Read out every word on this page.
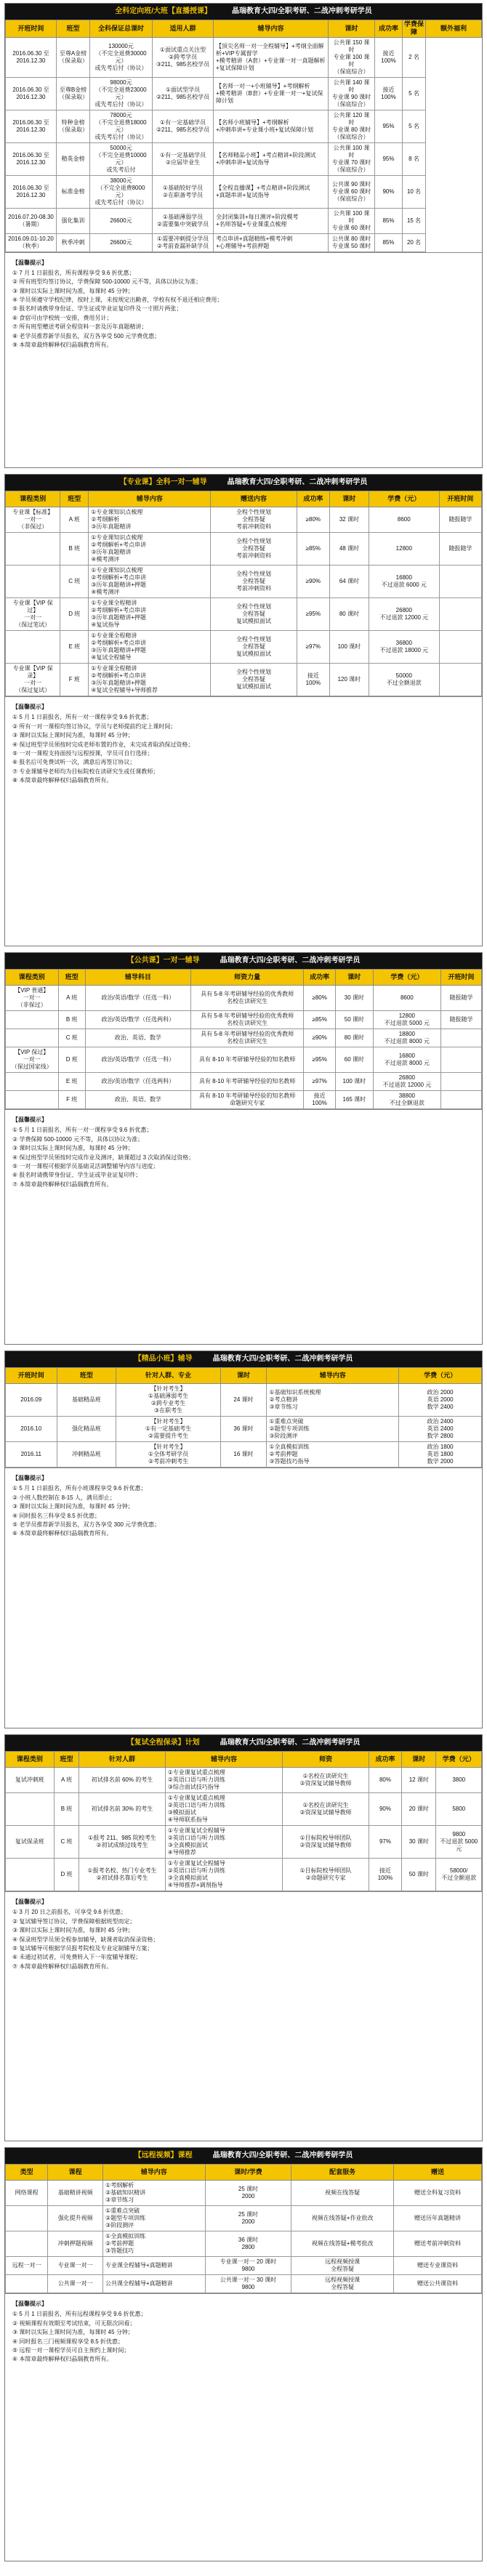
全科定向班/大班【直播授课】	晶瑞教育大四/全职考研、二战冲刺考研学员
开班时间	班型	全科保证总课时	适用人群	辅导内容	课时	成功率	学费保障	额外福利
2016.06.30 至
2016.12.30	至尊A金榜
（保录取）	130000元
（不完全退费30000元）
或先考后付（协议）	①面试重点关注型
②跨考学员
③211、985名校学员	【顶尖名师一对一全程辅导】+考纲全面解析+VIP专属督学
+模考精讲（A套）+专业课一对一真题解析+复试保障计划	公共课 150 课时
专业课 100 课时
（保底综合）	接近
100%	2 名	
2016.06.30 至
2016.12.30	至尊B金榜
（保录取）	98000元
（不完全退费23000元）
或先考后付（协议）	①面试型学员
②211、985名校学员	【名师一对一+小班辅导】+考纲解析
+模考精讲（B套）+专业课一对一+复试保障计划	公共课 140 课时
专业课 90 课时
（保底综合）	接近
100%	5 名	
2016.06.30 至
2016.12.30	特种金榜
（保录取）	78000元
（不完全退费18000元）
或先考后付（协议）	①有一定基础学员
②211、985名校学员	【名师小班辅导】+考纲解析
+冲刺串讲+专业课小班+复试保障计划	公共课 120 课时
专业课 80 课时
（保底综合）	95%	5 名	
2016.06.30 至
2016.12.30	精英金榜	50000元
（不完全退费10000元）
或先考后付	①有一定基础学员
②应届毕业生	【名师精品小班】+考点精讲+阶段测试
+冲刺串讲+复试指导	公共课 100 课时
专业课 70 课时
（保底综合）	95%	8 名	
2016.06.30 至
2016.12.30	标准金榜	38000元
（不完全退费8000元）
或先考后付（协议）	①基础较好学员
②在职备考学员	【全程直播课】+考点精讲+阶段测试
+真题串讲+复试指导	公共课 90 课时
专业课 60 课时
（保底综合）	90%	10 名	
2016.07.20-08.30
（暑期）	强化集训	26600元	①基础薄弱学员
②需要集中突破学员	全封闭集训+每日测评+阶段模考
+名师答疑+专业课重点梳理	公共课 100 课时
专业课 60 课时	85%	15 名	
2016.09.01-10.20
（秋季）	秋季冲刺	26600元	①需要冲刺提分学员
②考前查漏补缺学员	考点串讲+真题精练+模考冲刺
+心理辅导+考前押题	公共课 80 课时
专业课 50 课时	85%	20 名	
【温馨提示】

① 7 月 1 日前报名，所有课程享受 9.6 折优惠；

② 所有班型均签订协议，学费保障 500-10000 元不等，具体以协议为准；

③ 课时以实际上课时间为准，每课时 45 分钟；

④ 学员须遵守学校纪律，按时上课，未按规定出勤者，学校有权不退还相应费用；

⑤ 报名时请携带身份证、学生证或毕业证复印件及一寸照片两张；

⑥ 食宿可由学校统一安排，费用另计；

⑦ 所有班型赠送考研全程资料一套及历年真题精讲；

⑧ 老学员推荐新学员报名，双方各享受 500 元学费优惠；

⑨ 本简章最终解释权归晶瑞教育所有。

【专业课】全科一对一辅导	晶瑞教育大四/全职考研、二战冲刺考研学员
课程类别	班型	辅导内容	赠送内容	成功率	课时	学费（元）	开班时间
专业课【标准】
一对一
（非保过）	A 班	①专业课知识点梳理
②考纲解析
③历年真题精讲	全程个性规划
全程答疑
考前冲刺资料	≥80%	32 课时	8600	随报随学
	B 班	①专业课知识点梳理
②考纲解析+考点串讲
③历年真题精讲
④模考测评	全程个性规划
全程答疑
考前冲刺资料	≥85%	48 课时	12800	随报随学
	C 班	①专业课知识点梳理
②考纲解析+考点串讲
③历年真题精讲+押题
④模考测评	全程个性规划
全程答疑
考前冲刺资料	≥90%	64 课时	16800
不过退款 6000 元	
专业课【VIP 保过】
一对一
（保过笔试）	D 班	①专业课全程精讲
②考纲解析+考点串讲
③历年真题精讲+押题
④复试指导	全程个性规划
全程答疑
复试模拟面试	≥95%	80 课时	26800
不过退款 12000 元	
	E 班	①专业课全程精讲
②考纲解析+考点串讲
③历年真题精讲+押题
④复试全程辅导	全程个性规划
全程答疑
复试模拟面试	≥97%	100 课时	36800
不过退款 18000 元	
专业课【VIP 保录】
一对一
（保过复试）	F 班	①专业课全程精讲
②考纲解析+考点串讲
③历年真题精讲+押题
④复试全程辅导+导师推荐	全程个性规划
全程答疑
复试模拟面试	接近
100%	120 课时	50000
不过全额退款	
【温馨提示】

① 5 月 1 日前报名，所有一对一课程享受 9.6 折优惠；

② 所有一对一课程均签订协议，学员与老师提前约定上课时间；

③ 课时以实际上课时间为准，每课时 45 分钟；

④ 保过班型学员须按时完成老师布置的作业，未完成者取消保过资格；

⑤ 一对一课程支持面授与远程授课，学员可自行选择；

⑥ 报名后可免费试听一次，满意后再签订协议；

⑦ 专业课辅导老师均为目标院校在读研究生或任课教师；

⑧ 本简章最终解释权归晶瑞教育所有。

【公共课】一对一辅导	晶瑞教育大四/全职考研、二战冲刺考研学员
课程类别	班型	辅导科目	师资力量	成功率	课时	学费（元）	开班时间
【VIP 普通】
一对一
（非保过）	A 班	政治/英语/数学（任选一科）	具有 5-8 年考研辅导经验的优秀教师
名校在读研究生	≥80%	30 课时	8600	随报随学
	B 班	政治/英语/数学（任选两科）	具有 5-8 年考研辅导经验的优秀教师
名校在读研究生	≥85%	50 课时	12800
不过退款 5000 元	随报随学
	C 班	政治、英语、数学	具有 5-8 年考研辅导经验的优秀教师
名校在读研究生	≥90%	80 课时	18800
不过退款 8000 元	
【VIP 保过】
一对一
（保过国家线）	D 班	政治/英语/数学（任选一科）	具有 8-10 年考研辅导经验的知名教师	≥95%	60 课时	16800
不过退款 8000 元	
	E 班	政治/英语/数学（任选两科）	具有 8-10 年考研辅导经验的知名教师	≥97%	100 课时	26800
不过退款 12000 元	
	F 班	政治、英语、数学	具有 8-10 年考研辅导经验的知名教师
命题研究专家	接近
100%	165 课时	38800
不过全额退款	
【温馨提示】

① 5 月 1 日前报名，所有一对一课程享受 9.6 折优惠；

② 学费保障 500-10000 元不等，具体以协议为准；

③ 课时以实际上课时间为准，每课时 45 分钟；

④ 保过班型学员须按时完成作业及测评，缺课超过 3 次取消保过资格；

⑤ 一对一课程可根据学员基础灵活调整辅导内容与进度；

⑥ 报名时请携带身份证、学生证或毕业证复印件；

⑦ 本简章最终解释权归晶瑞教育所有。

【精品小班】辅导	晶瑞教育大四/全职考研、二战冲刺考研学员
开班时间	班型	针对人群、专业	课时	辅导内容	学费（元）
2016.09	基础精品班	【针对考生】
①基础薄弱考生
②跨专业考生
③在职考生	24 课时	①基础知识系统梳理
②考点精讲
③章节练习	政治 2000
英语 2000
数学 2400
2016.10	强化精品班	【针对考生】
①有一定基础考生
②需要提升考生	36 课时	①重难点突破
②题型专项训练
③阶段测评	政治 2400
英语 2400
数学 2800
2016.11	冲刺精品班	【针对考生】
①全体考研学员
②考前冲刺考生	16 课时	①全真模拟训练
②考前押题
③答题技巧指导	政治 1800
英语 1800
数学 2000
【温馨提示】

① 5 月 1 日前报名，所有小班课程享受 9.6 折优惠；

② 小班人数控制在 8-15 人，满员即止；

③ 课时以实际上课时间为准，每课时 45 分钟；

④ 同时报名三科享受 8.5 折优惠；

⑤ 老学员推荐新学员报名，双方各享受 300 元学费优惠；

⑥ 本简章最终解释权归晶瑞教育所有。

【复试全程保录】计划	晶瑞教育大四/全职考研、二战冲刺考研学员
课程类别	班型	针对人群	辅导内容	师资	成功率	课时	学费（元）
复试冲刺班	A 班	初试排名前 60% 的考生	①专业课复试重点梳理
②英语口语与听力训练
③综合面试技巧指导	①名校在读研究生
②资深复试辅导教师	80%	12 课时	3800
	B 班	初试排名前 30% 的考生	①专业课复试重点梳理
②英语口语与听力训练
③模拟面试
④导师联系指导	①名校在读研究生
②资深复试辅导教师	90%	20 课时	5800
复试保录班	C 班	①报考 211、985 院校考生
②初试成绩过线考生	①专业课复试全程辅导
②英语口语与听力训练
③全真模拟面试
④导师推荐	①目标院校导师团队
②资深复试辅导教师	97%	30 课时	9800
不过退款 5000 元
	D 班	①报考名校、热门专业考生
②初试排名靠后考生	①专业课复试全程辅导
②英语口语与听力训练
③全真模拟面试
④导师推荐+调剂指导	①目标院校导师团队
②命题研究专家	接近
100%	50 课时	58000/
不过全额退款
【温馨提示】

① 3 月 20 日之前报名，可享受 9.6 折优惠；

② 复试辅导签订协议，学费保障根据班型而定；

③ 课时以实际上课时间为准，每课时 45 分钟；

④ 保录班型学员须全程参加辅导，缺课者取消保录资格；

⑤ 复试辅导可根据学员报考院校及专业定制辅导方案；

⑥ 未通过初试者，可免费转入下一年度辅导课程；

⑦ 本简章最终解释权归晶瑞教育所有。

【远程视频】课程	晶瑞教育大四/全职考研、二战冲刺考研学员
类型	课程	辅导内容	课时/学费	配套服务	赠送
网络课程	基础精讲视频	①考纲解析
②基础知识精讲
③章节练习	25 课时
2000	视频在线答疑	赠送全科复习资料
	强化提升视频	①重难点突破
②题型专项训练
③阶段测评	25 课时
2000	视频在线答疑+作业批改	赠送历年真题精讲
	冲刺押题视频	①全真模拟训练
②考前押题
③答题技巧	36 课时
2800	视频在线答疑+模考批改	赠送考前冲刺资料
远程一对一	专业课一对一	专业课全程辅导+真题精讲	专业课一对一 20 课时
9800	远程视频授课
全程答疑	赠送专业课资料
	公共课一对一	公共课全程辅导+真题精讲	公共课一对一 30 课时
9800	远程视频授课
全程答疑	赠送公共课资料
【温馨提示】

① 5 月 1 日前报名，所有远程课程享受 9.6 折优惠；

② 视频课程有效期至考试结束，可无限次回看；

③ 课时以实际上课时间为准，每课时 45 分钟；

④ 同时报名三门视频课程享受 8.5 折优惠；

⑤ 远程一对一课程学员可自主预约上课时间；

⑥ 本简章最终解释权归晶瑞教育所有。
